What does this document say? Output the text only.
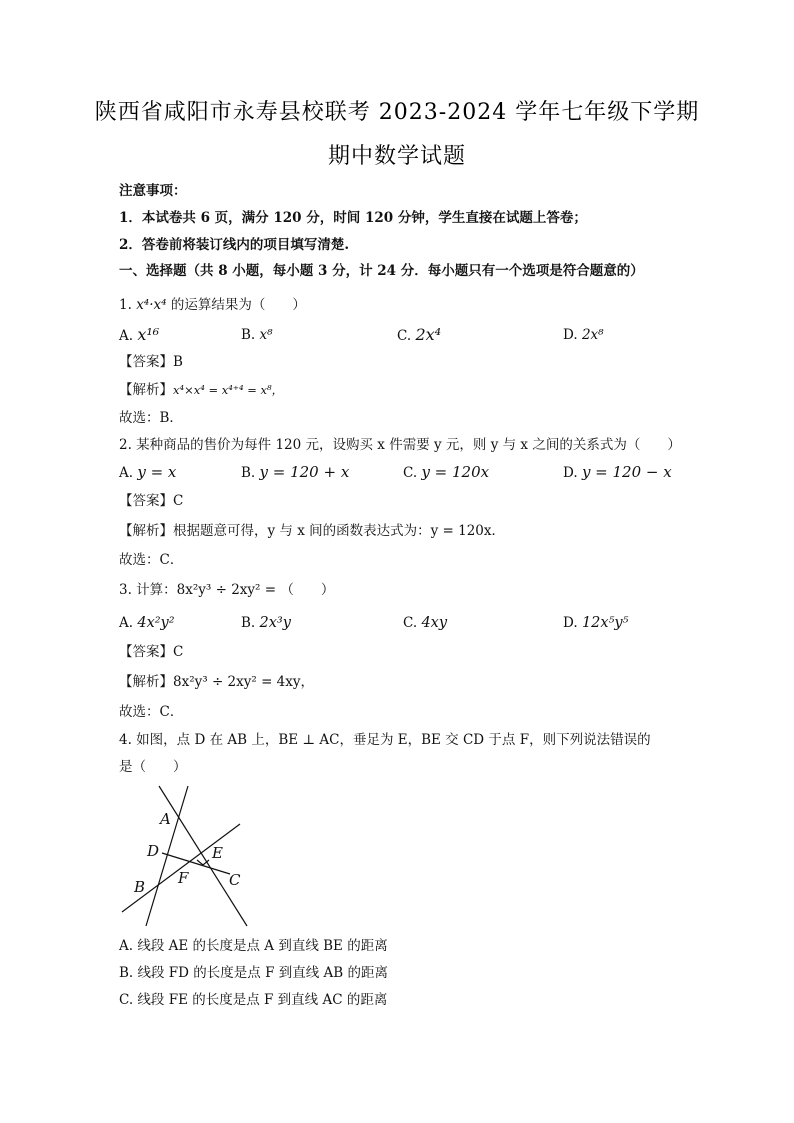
陕西省咸阳市永寿县校联考 2023-2024 学年七年级下学期
期中数学试题
注意事项：
1．本试卷共 6 页，满分 120 分，时间 120 分钟，学生直接在试题上答卷；
2．答卷前将装订线内的项目填写清楚.
一、选择题（共 8 小题，每小题 3 分，计 24 分．每小题只有一个选项是符合题意的）
1. x⁴·x⁴ 的运算结果为（　　）
A. x¹⁶	B. x⁸	C. 2x⁴	D. 2x⁸
【答案】B
【解析】x⁴×x⁴ = x⁴⁺⁴ = x⁸，
故选：B．
2. 某种商品的售价为每件 120 元，设购买 x 件需要 y 元，则 y 与 x 之间的关系式为（　　）
A. y = x	B. y = 120 + x	C. y = 120x	D. y = 120 − x
【答案】C
【解析】根据题意可得，y 与 x 间的函数表达式为：y = 120x．
故选：C．
3. 计算：8x²y³ ÷ 2xy² = （　　）
A. 4x²y²	B. 2x³y	C. 4xy	D. 12x⁵y⁵
【答案】C
【解析】8x²y³ ÷ 2xy² = 4xy，
故选：C．
4. 如图，点 D 在 AB 上，BE ⊥ AC，垂足为 E，BE 交 CD 于点 F，则下列说法错误的
是（　　）
A
D	E
F	C
B
A. 线段 AE 的长度是点 A 到直线 BE 的距离
B. 线段 FD 的长度是点 F 到直线 AB 的距离
C. 线段 FE 的长度是点 F 到直线 AC 的距离
